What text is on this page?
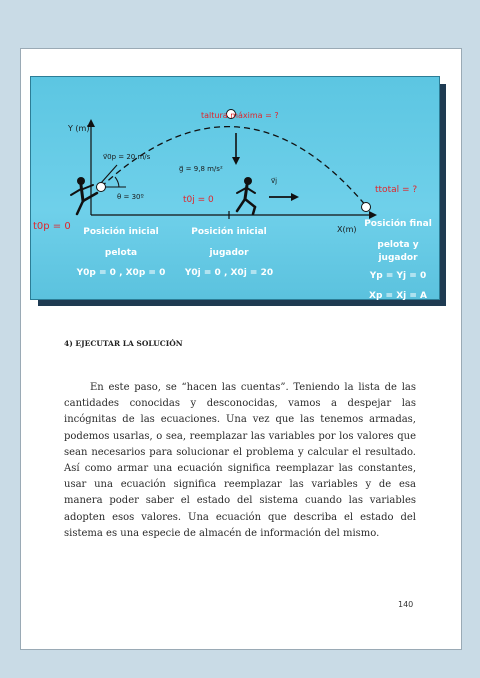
Y (m)
X(m)
v⃗0p = 20 m/s
g⃗ = 9,8 m/s²
v⃗j
θ = 30º
taltura máxima = ?
ttotal = ?
t0j = 0
t0p = 0	Posición inicial
pelota
Y0p = 0 , X0p = 0
Posición inicial
jugador
Y0j = 0 , X0j = 20
Posición final
pelota y jugador
Yp = Yj = 0
Xp = Xj = A
4) EJECUTAR LA SOLUCIÓN

En este paso, se “hacen las cuentas”. Teniendo la lista de las cantidades conocidas y desconocidas, vamos a despejar las incógnitas de las ecuaciones. Una vez que las tenemos armadas, podemos usarlas, o sea, reemplazar las variables por los valores que sean necesarios para solucionar el problema y calcular el resultado. Así como armar una ecuación significa reemplazar las constantes, usar una ecuación significa reemplazar las variables y de esa manera poder saber el estado del sistema cuando las variables adopten esos valores. Una ecuación que describa el estado del sistema es una especie de almacén de información del mismo.

140
